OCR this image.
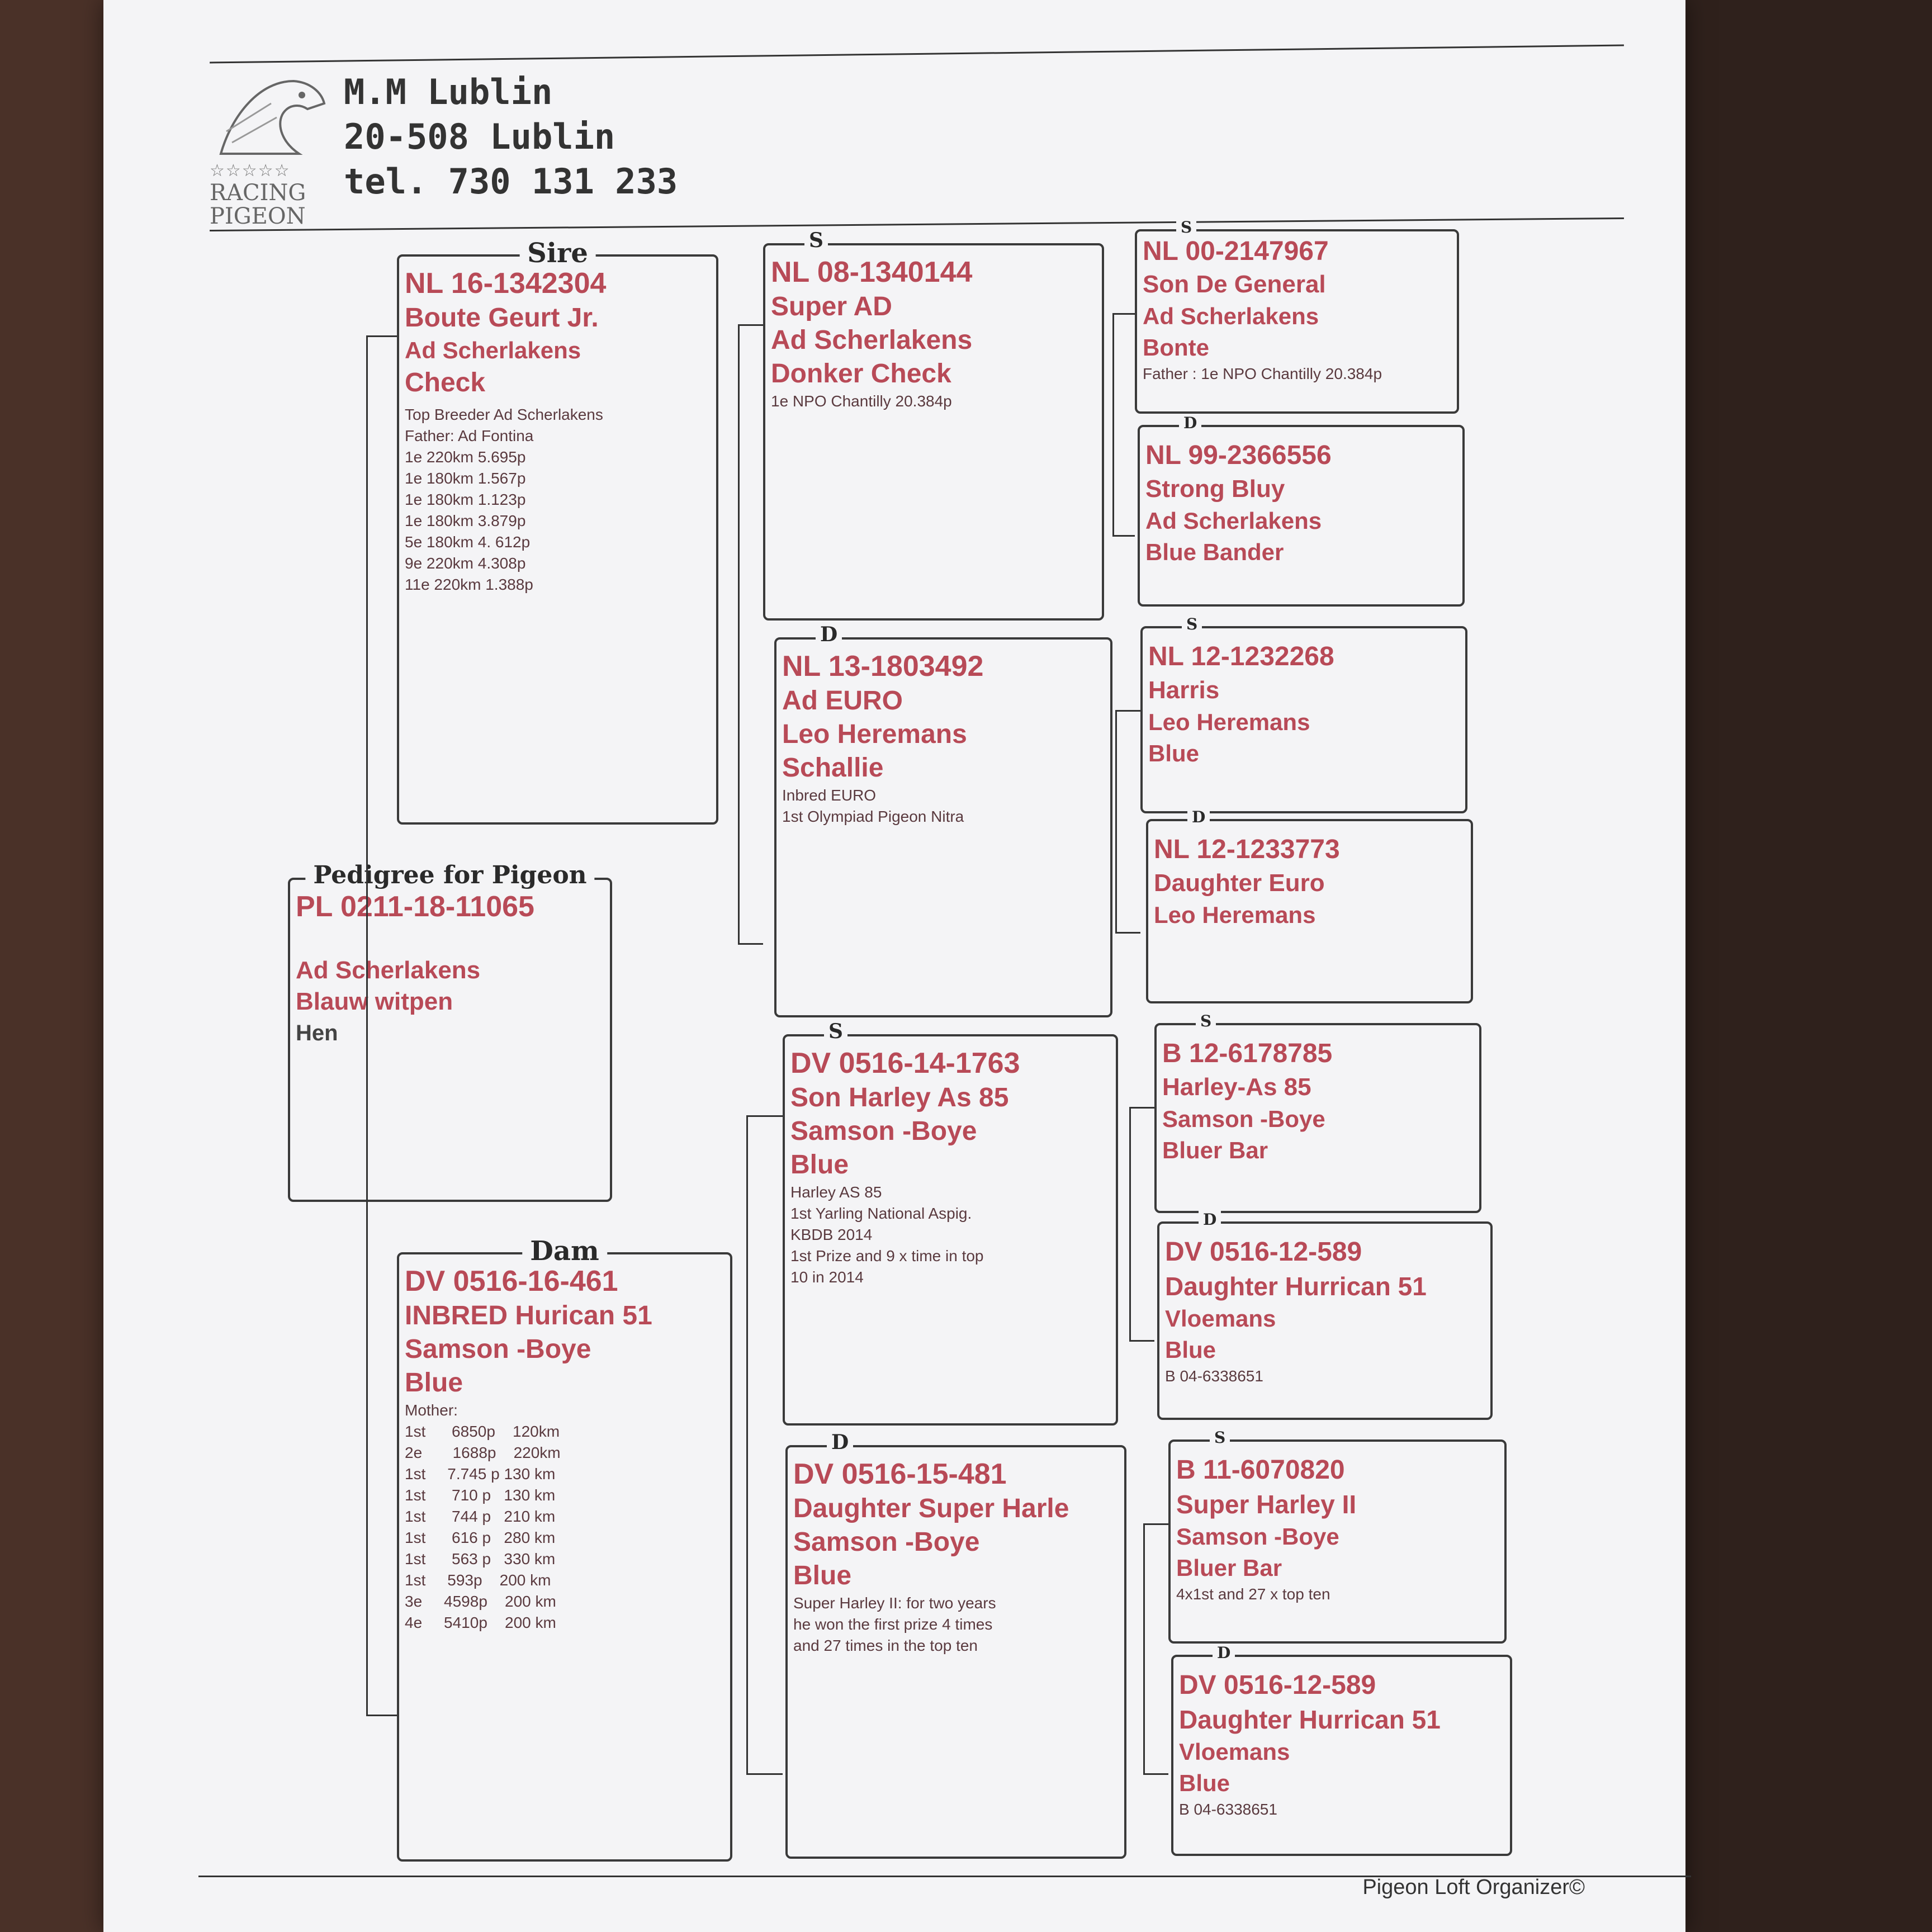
☆☆☆☆☆
RACING
PIGEON
M.M Lublin
20-508 Lublin
tel. 730 131 233
Pedigree for Pigeon
PL 0211-18-11065
Ad Scherlakens
Blauw witpen
Hen
Sire
NL 16-1342304
Boute Geurt Jr.
Ad Scherlakens
Check
Top Breeder Ad Scherlakens
Father: Ad Fontina
1e 220km 5.695p
1e 180km 1.567p
1e 180km 1.123p
1e 180km 3.879p
5e 180km 4. 612p
9e 220km 4.308p
11e 220km 1.388p
Dam
DV 0516-16-461
INBRED Hurican 51
Samson -Boye
Blue
Mother:
1st      6850p    120km
2e       1688p    220km
1st     7.745 p 130 km
1st      710 p   130 km
1st      744 p   210 km
1st      616 p   280 km
1st      563 p   330 km
1st     593p    200 km
3e     4598p    200 km
4e     5410p    200 km
S
NL 08-1340144
Super AD
Ad Scherlakens
Donker Check
1e NPO Chantilly 20.384p
D
NL 13-1803492
Ad EURO
Leo Heremans
Schallie
Inbred EURO
1st Olympiad Pigeon Nitra
S
DV 0516-14-1763
Son Harley As 85
Samson -Boye
Blue
Harley AS 85
1st Yarling National Aspig.
KBDB 2014
1st Prize and 9 x time in top
10 in 2014
D
DV 0516-15-481
Daughter Super Harle
Samson -Boye
Blue
Super Harley II: for two years
he won the first prize 4 times
and 27 times in the top ten
S
NL 00-2147967
Son De General
Ad Scherlakens
Bonte
Father : 1e NPO Chantilly 20.384p
D
NL 99-2366556
Strong Bluy
Ad Scherlakens
Blue Bander
S
NL 12-1232268
Harris
Leo Heremans
Blue
D
NL 12-1233773
Daughter Euro
Leo Heremans
S
B 12-6178785
Harley-As 85
Samson -Boye
Bluer Bar
D
DV 0516-12-589
Daughter Hurrican 51
Vloemans
Blue
B 04-6338651
S
B 11-6070820
Super Harley II
Samson -Boye
Bluer Bar
4x1st and 27 x top ten
D
DV 0516-12-589
Daughter Hurrican 51
Vloemans
Blue
B 04-6338651
Pigeon Loft Organizer©
